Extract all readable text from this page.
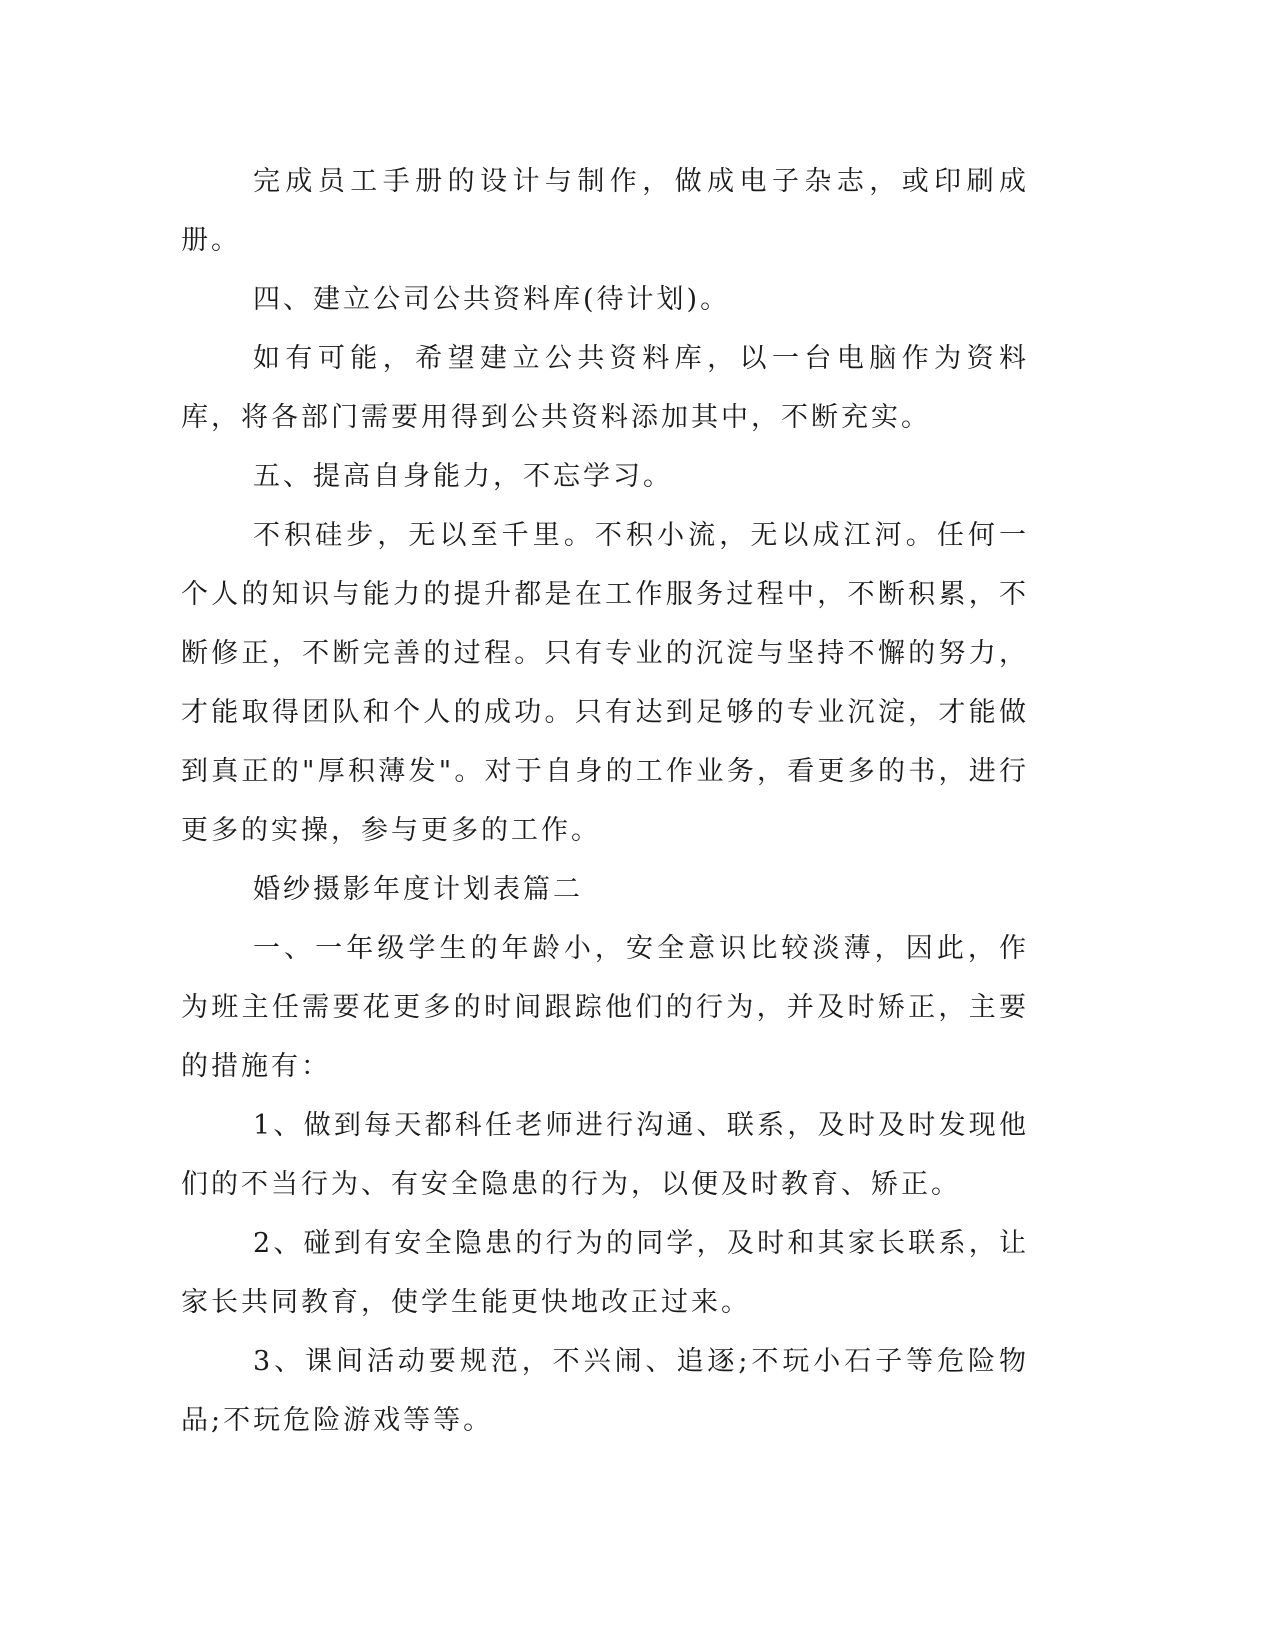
完成员工手册的设计与制作，做成电子杂志，或印刷成册。

四、建立公司公共资料库(待计划)。

如有可能，希望建立公共资料库，以一台电脑作为资料库，将各部门需要用得到公共资料添加其中，不断充实。

五、提高自身能力，不忘学习。

不积硅步，无以至千里。不积小流，无以成江河。任何一个人的知识与能力的提升都是在工作服务过程中，不断积累，不断修正，不断完善的过程。只有专业的沉淀与坚持不懈的努力，才能取得团队和个人的成功。只有达到足够的专业沉淀，才能做到真正的"厚积薄发"。对于自身的工作业务，看更多的书，进行更多的实操，参与更多的工作。

婚纱摄影年度计划表篇二

一、一年级学生的年龄小，安全意识比较淡薄，因此，作为班主任需要花更多的时间跟踪他们的行为，并及时矫正，主要的措施有：

1、做到每天都科任老师进行沟通、联系，及时及时发现他们的不当行为、有安全隐患的行为，以便及时教育、矫正。

2、碰到有安全隐患的行为的同学，及时和其家长联系，让家长共同教育，使学生能更快地改正过来。

3、课间活动要规范，不兴闹、追逐;不玩小石子等危险物品;不玩危险游戏等等。
